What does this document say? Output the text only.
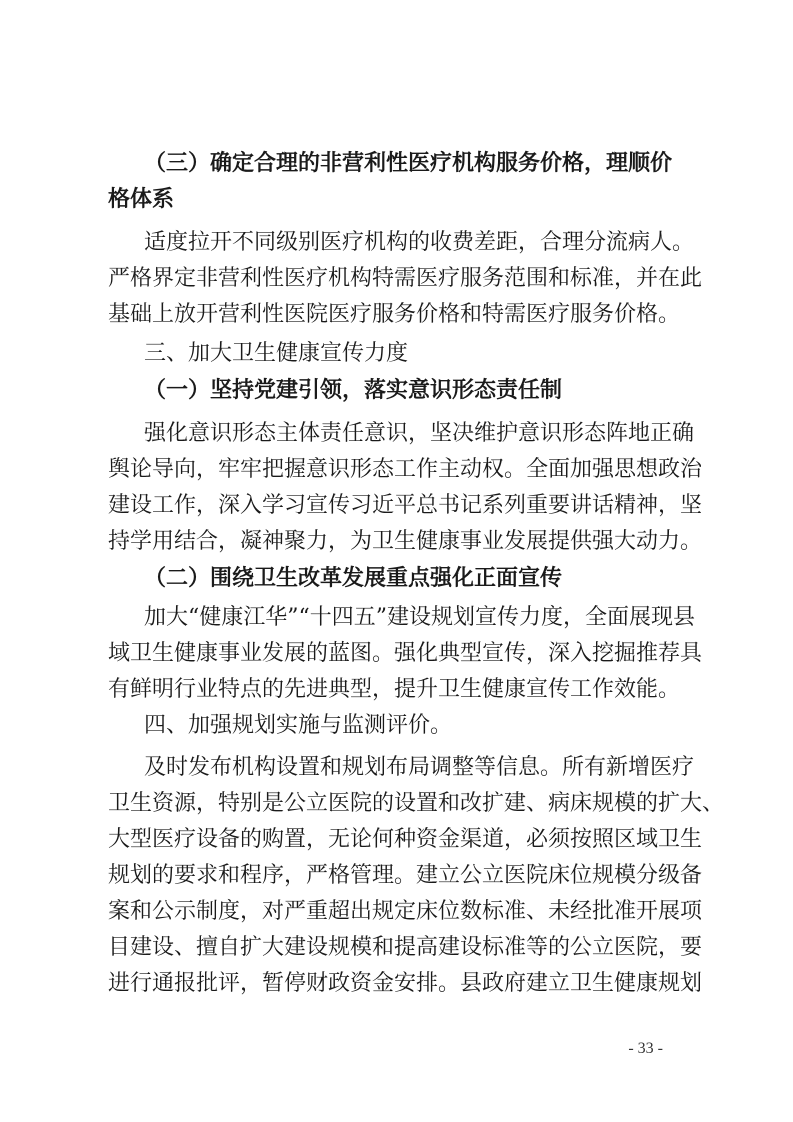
（三）确定合理的非营利性医疗机构服务价格，理顺价
格体系
适度拉开不同级别医疗机构的收费差距，合理分流病人。
严格界定非营利性医疗机构特需医疗服务范围和标准，并在此
基础上放开营利性医院医疗服务价格和特需医疗服务价格。
三、加大卫生健康宣传力度
（一）坚持党建引领，落实意识形态责任制
强化意识形态主体责任意识，坚决维护意识形态阵地正确
舆论导向，牢牢把握意识形态工作主动权。全面加强思想政治
建设工作，深入学习宣传习近平总书记系列重要讲话精神，坚
持学用结合，凝神聚力，为卫生健康事业发展提供强大动力。
（二）围绕卫生改革发展重点强化正面宣传
加大“健康江华”“十四五”建设规划宣传力度，全面展现县
域卫生健康事业发展的蓝图。强化典型宣传，深入挖掘推荐具
有鲜明行业特点的先进典型，提升卫生健康宣传工作效能。
四、加强规划实施与监测评价。
及时发布机构设置和规划布局调整等信息。所有新增医疗
卫生资源，特别是公立医院的设置和改扩建、病床规模的扩大、
大型医疗设备的购置，无论何种资金渠道，必须按照区域卫生
规划的要求和程序，严格管理。建立公立医院床位规模分级备
案和公示制度，对严重超出规定床位数标准、未经批准开展项
目建设、擅自扩大建设规模和提高建设标准等的公立医院，要
进行通报批评，暂停财政资金安排。县政府建立卫生健康规划
- 33 -
